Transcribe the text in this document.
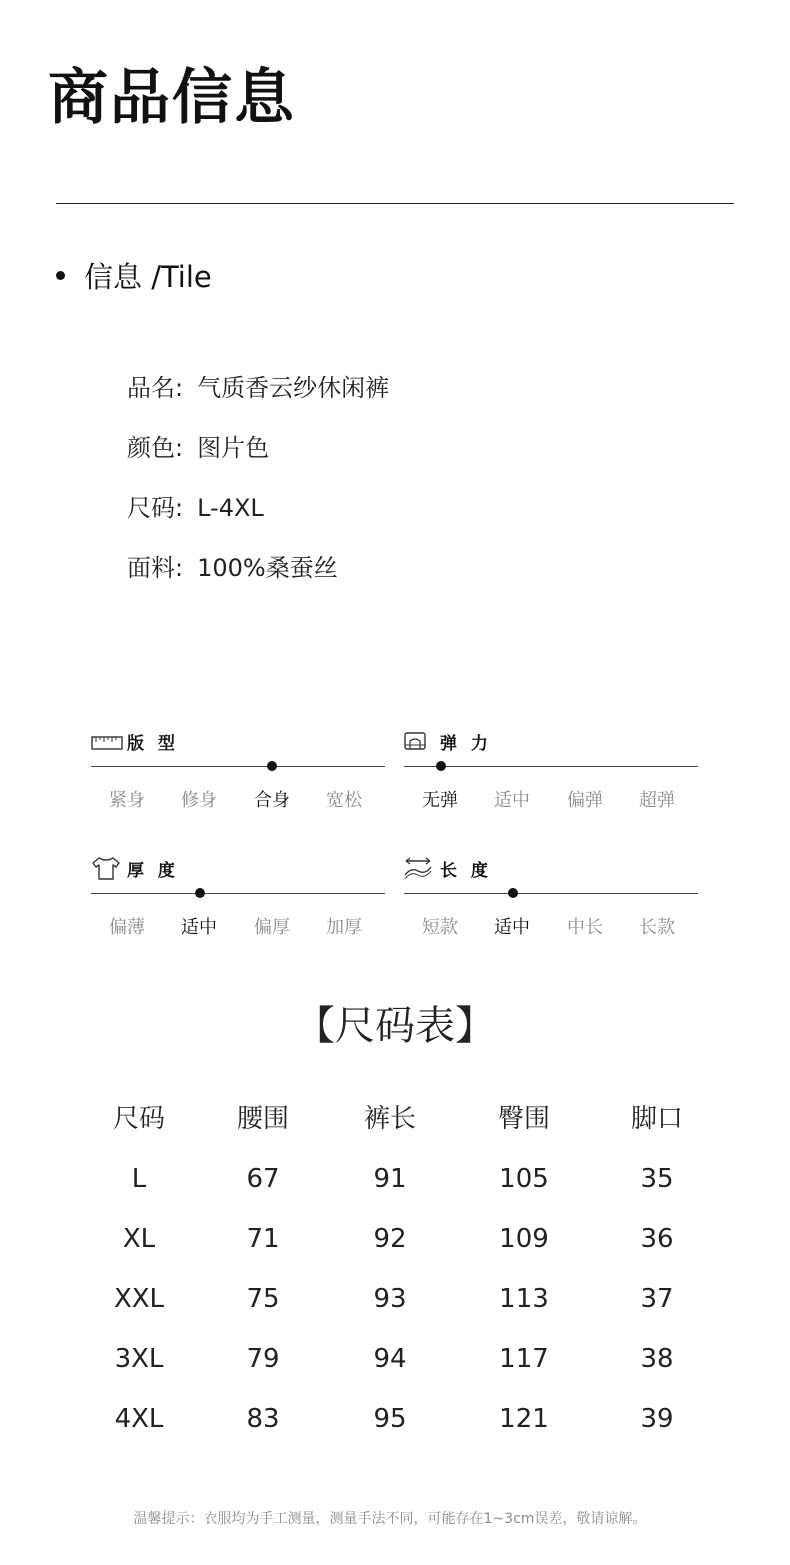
商品信息
信息 /Tile
品名: 气质香云纱休闲裤
颜色: 图片色
尺码: L-4XL
面料: 100%桑蚕丝
版 型
紧身	修身	合身	宽松
弹 力
无弹	适中	偏弹	超弹
厚 度
偏薄	适中	偏厚	加厚
长 度
短款	适中	中长	长款
【尺码表】
尺码	腰围	裤长	臀围	脚口
L	67	91	105	35
XL	71	92	109	36
XXL	75	93	113	37
3XL	79	94	117	38
4XL	83	95	121	39
温馨提示：衣服均为手工测量，测量手法不同，可能存在1~3cm误差，敬请谅解。
